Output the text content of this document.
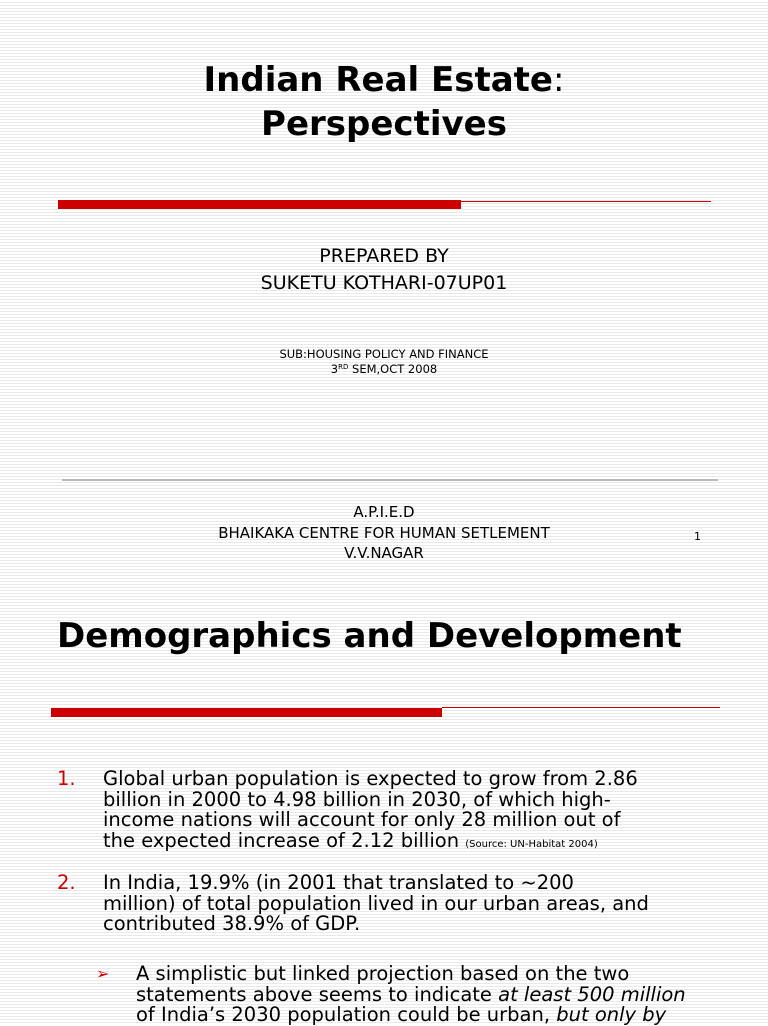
Indian Real Estate:
Perspectives
PREPARED BY
SUKETU KOTHARI-07UP01
SUB:HOUSING POLICY AND FINANCE
3RD SEM,OCT 2008
A.P.I.E.D
BHAIKAKA CENTRE FOR HUMAN SETLEMENT
V.V.NAGAR
1
Demographics and Development
1. Global urban population is expected to grow from 2.86
billion in 2000 to 4.98 billion in 2030, of which high-
income nations will account for only 28 million out of
the expected increase of 2.12 billion (Source: UN-Habitat 2004)
2. In India, 19.9% (in 2001 that translated to ~200
million) of total population lived in our urban areas, and
contributed 38.9% of GDP.
➢ A simplistic but linked projection based on the two
statements above seems to indicate at least 500 million
of India’s 2030 population could be urban, but only by
